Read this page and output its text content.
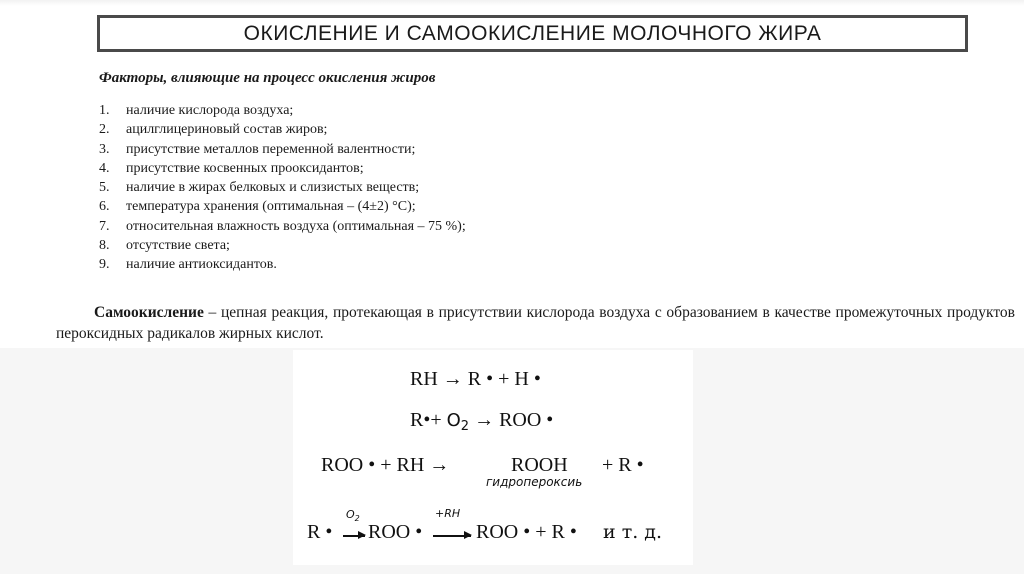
ОКИСЛЕНИЕ И САМООКИСЛЕНИЕ МОЛОЧНОГО ЖИРА
Факторы, влияющие на процесс окисления жиров
1.	наличие кислорода воздуха;
2.	ацилглицериновый состав жиров;
3.	присутствие металлов переменной валентности;
4.	присутствие косвенных прооксидантов;
5.	наличие в жирах белковых и слизистых веществ;
6.	температура хранения (оптимальная – (4±2) °С);
7.	относительная влажность воздуха (оптимальная – 75 %);
8.	отсутствие света;
9.	наличие антиоксидантов.
Самоокисление – цепная реакция, протекающая в присутствии кислорода воздуха с образованием в качестве промежуточных продуктов пероксидных радикалов жирных кислот.
RH → R • + H •
R•+ $O_2$ → ROO •
ROO • + RH →	ROOH + R •
гидропероксиь
$O_2$	+RH
R • ROO •	ROO • + R • и т. д.
